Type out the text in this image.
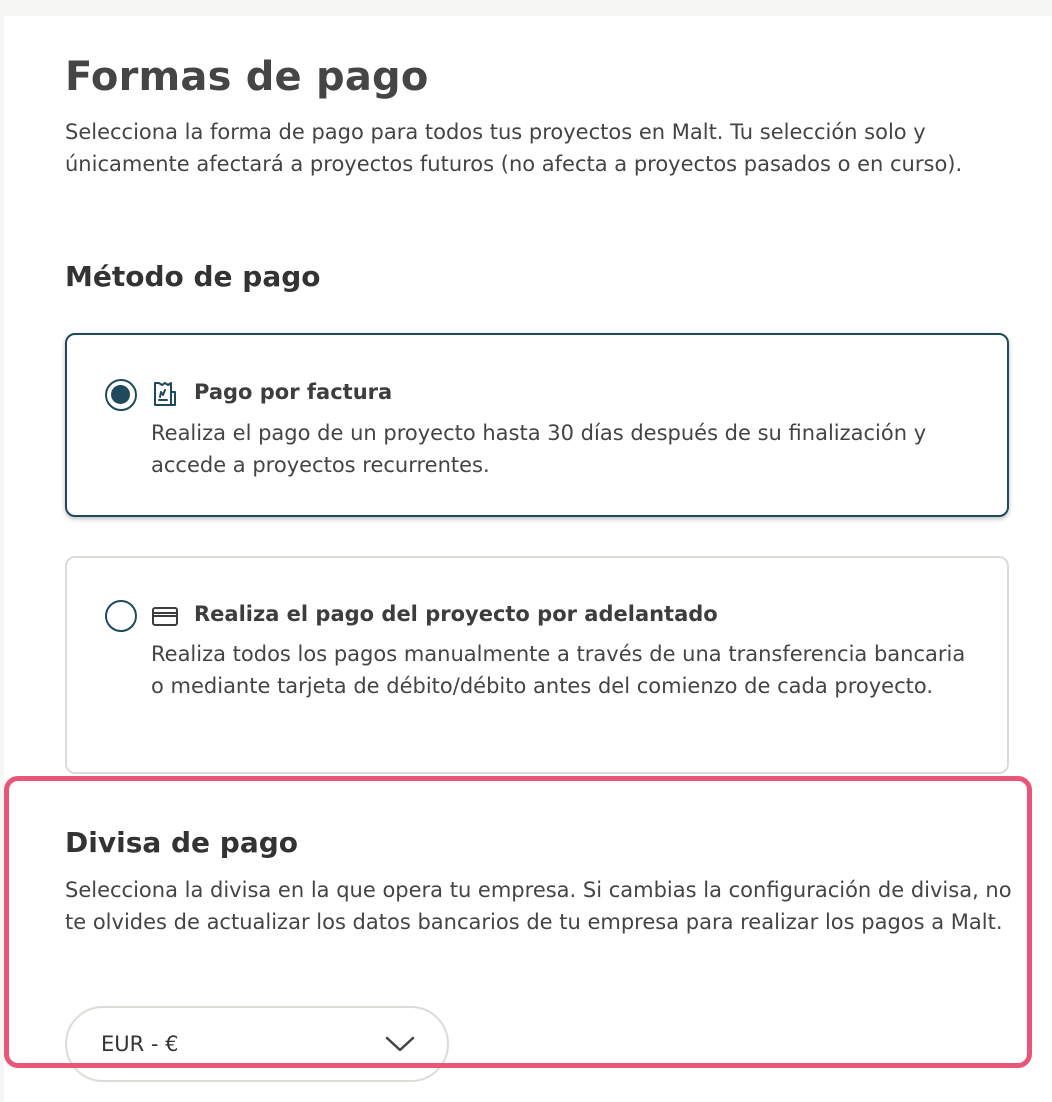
Formas de pago

Selecciona la forma de pago para todos tus proyectos en Malt. Tu selección solo y únicamente afectará a proyectos futuros (no afecta a proyectos pasados o en curso).

Método de pago
Pago por factura

Realiza el pago de un proyecto hasta 30 días después de su finalización y accede a proyectos recurrentes.

Realiza el pago del proyecto por adelantado

Realiza todos los pagos manualmente a través de una transferencia bancaria o mediante tarjeta de débito/débito antes del comienzo de cada proyecto.

Divisa de pago

Selecciona la divisa en la que opera tu empresa. Si cambias la configuración de divisa, no te olvides de actualizar los datos bancarios de tu empresa para realizar los pagos a Malt.

EUR - €
